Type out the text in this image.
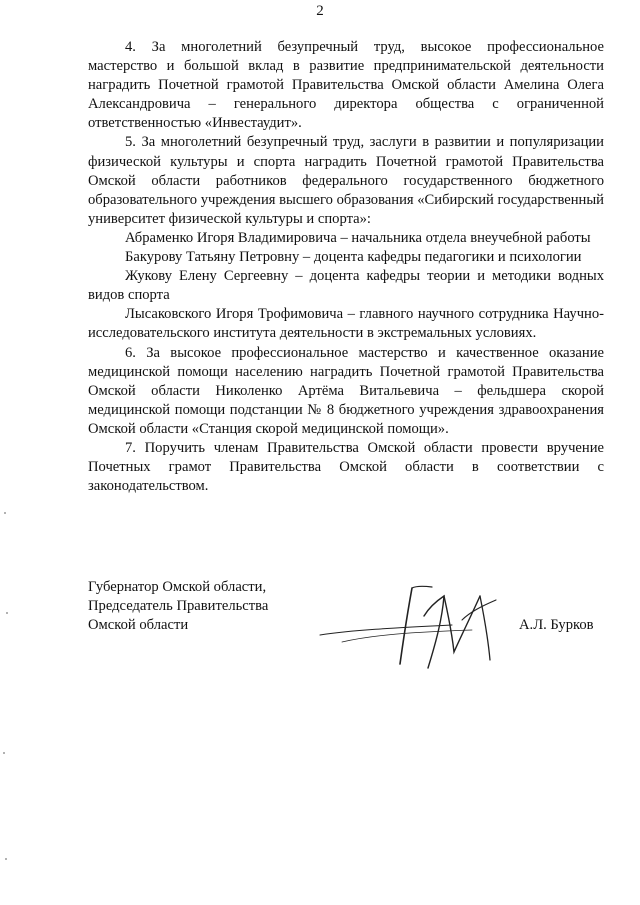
2

4. За многолетний безупречный труд, высокое профессиональное мастерство и большой вклад в развитие предпринимательской деятельности наградить Почетной грамотой Правительства Омской области Амелина Олега Александровича – генерального директора общества с ограниченной ответственностью «Инвестаудит».

5. За многолетний безупречный труд, заслуги в развитии и популяризации физической культуры и спорта наградить Почетной грамотой Правительства Омской области работников федерального государственного бюджетного образовательного учреждения высшего образования «Сибирский государственный университет физической культуры и спорта»:

Абраменко Игоря Владимировича – начальника отдела внеучебной работы

Бакурову Татьяну Петровну – доцента кафедры педагогики и психологии

Жукову Елену Сергеевну – доцента кафедры теории и методики водных видов спорта

Лысаковского Игоря Трофимовича – главного научного сотрудника Научно-исследовательского института деятельности в экстремальных условиях.

6. За высокое профессиональное мастерство и качественное оказание медицинской помощи населению наградить Почетной грамотой Правительства Омской области Николенко Артёма Витальевича – фельдшера скорой медицинской помощи подстанции № 8 бюджетного учреждения здравоохранения Омской области «Станция скорой медицинской помощи».

7. Поручить членам Правительства Омской области провести вручение Почетных грамот Правительства Омской области в соответствии с законодательством.

Губернатор Омской области,
Председатель Правительства
Омской области	А.Л. Бурков
